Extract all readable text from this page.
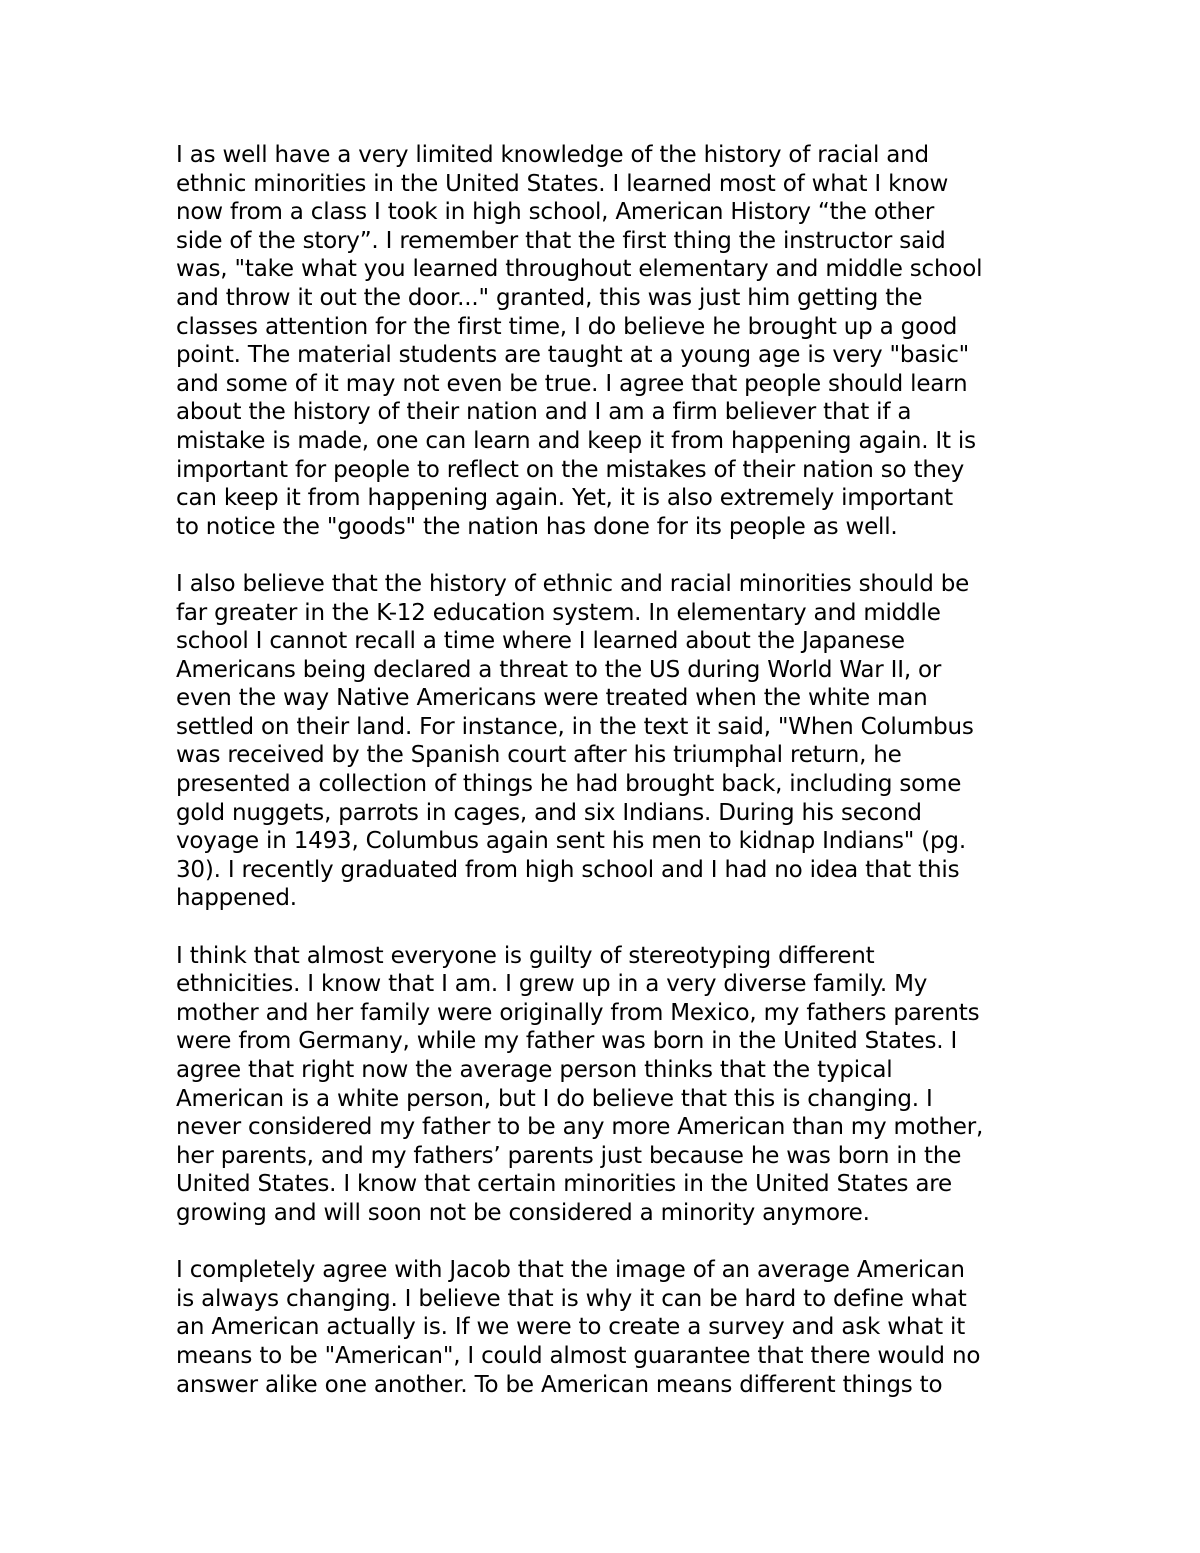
I as well have a very limited knowledge of the history of racial and
ethnic minorities in the United States. I learned most of what I know
now from a class I took in high school, American History “the other
side of the story”. I remember that the first thing the instructor said
was, "take what you learned throughout elementary and middle school
and throw it out the door..." granted, this was just him getting the
classes attention for the first time, I do believe he brought up a good
point. The material students are taught at a young age is very "basic"
and some of it may not even be true. I agree that people should learn
about the history of their nation and I am a firm believer that if a
mistake is made, one can learn and keep it from happening again. It is
important for people to reflect on the mistakes of their nation so they
can keep it from happening again. Yet, it is also extremely important
to notice the "goods" the nation has done for its people as well.

I also believe that the history of ethnic and racial minorities should be
far greater in the K-12 education system. In elementary and middle
school I cannot recall a time where I learned about the Japanese
Americans being declared a threat to the US during World War II, or
even the way Native Americans were treated when the white man
settled on their land. For instance, in the text it said, "When Columbus
was received by the Spanish court after his triumphal return, he
presented a collection of things he had brought back, including some
gold nuggets, parrots in cages, and six Indians. During his second
voyage in 1493, Columbus again sent his men to kidnap Indians" (pg.
30). I recently graduated from high school and I had no idea that this
happened.

I think that almost everyone is guilty of stereotyping different
ethnicities. I know that I am. I grew up in a very diverse family. My
mother and her family were originally from Mexico, my fathers parents
were from Germany, while my father was born in the United States. I
agree that right now the average person thinks that the typical
American is a white person, but I do believe that this is changing. I
never considered my father to be any more American than my mother,
her parents, and my fathers’ parents just because he was born in the
United States. I know that certain minorities in the United States are
growing and will soon not be considered a minority anymore.

I completely agree with Jacob that the image of an average American
is always changing. I believe that is why it can be hard to define what
an American actually is. If we were to create a survey and ask what it
means to be "American", I could almost guarantee that there would no
answer alike one another. To be American means different things to
